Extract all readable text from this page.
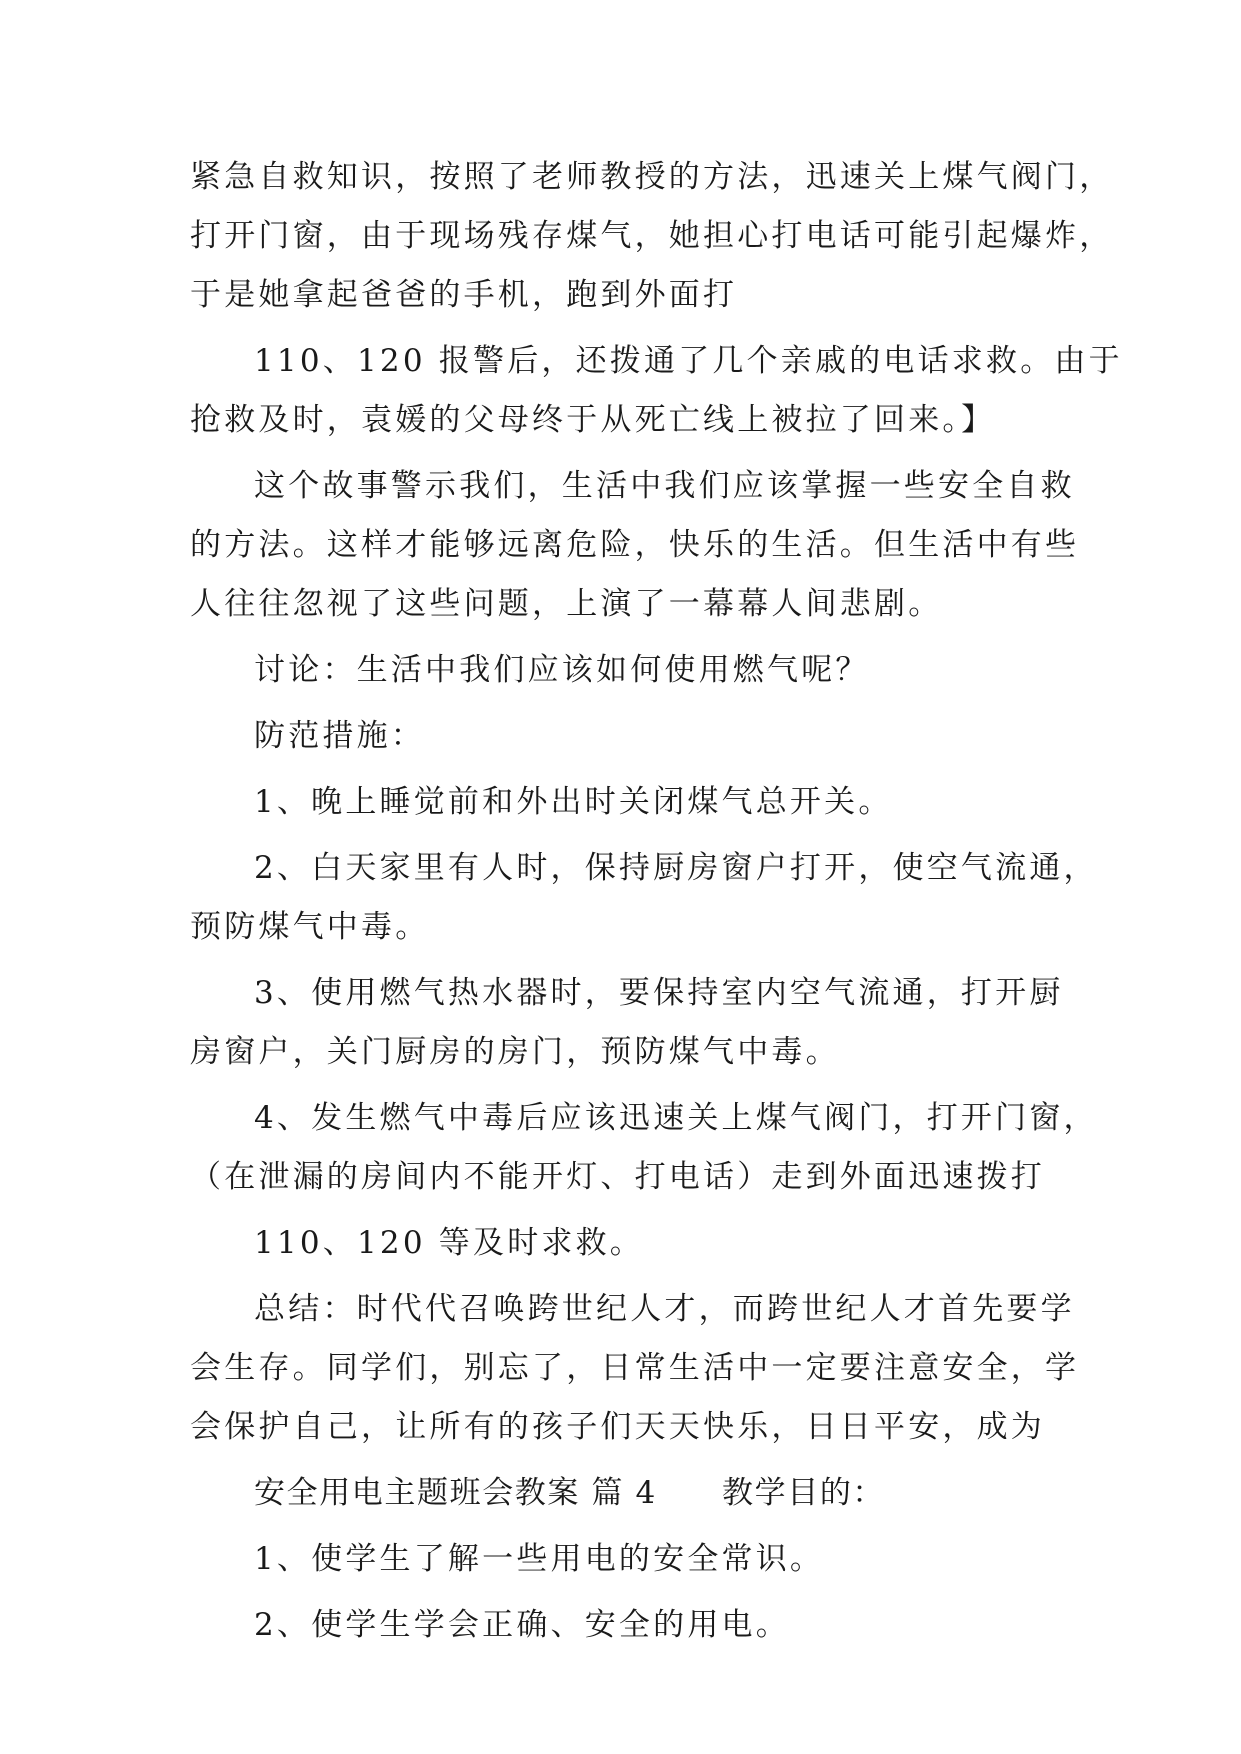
紧急自救知识，按照了老师教授的方法，迅速关上煤气阀门，
打开门窗，由于现场残存煤气，她担心打电话可能引起爆炸，
于是她拿起爸爸的手机，跑到外面打
110、120 报警后，还拨通了几个亲戚的电话求救。由于
抢救及时，袁媛的父母终于从死亡线上被拉了回来。】
这个故事警示我们，生活中我们应该掌握一些安全自救
的方法。这样才能够远离危险，快乐的生活。但生活中有些
人往往忽视了这些问题，上演了一幕幕人间悲剧。
讨论：生活中我们应该如何使用燃气呢？
防范措施：
1、晚上睡觉前和外出时关闭煤气总开关。
2、白天家里有人时，保持厨房窗户打开，使空气流通，
预防煤气中毒。
3、使用燃气热水器时，要保持室内空气流通，打开厨
房窗户，关门厨房的房门，预防煤气中毒。
4、发生燃气中毒后应该迅速关上煤气阀门，打开门窗，
（在泄漏的房间内不能开灯、打电话）走到外面迅速拨打
110、120 等及时求救。
总结：时代代召唤跨世纪人才，而跨世纪人才首先要学
会生存。同学们，别忘了，日常生活中一定要注意安全，学
会保护自己，让所有的孩子们天天快乐，日日平安，成为
安全用电主题班会教案 篇 4　　教学目的：
1、使学生了解一些用电的安全常识。
2、使学生学会正确、安全的用电。
